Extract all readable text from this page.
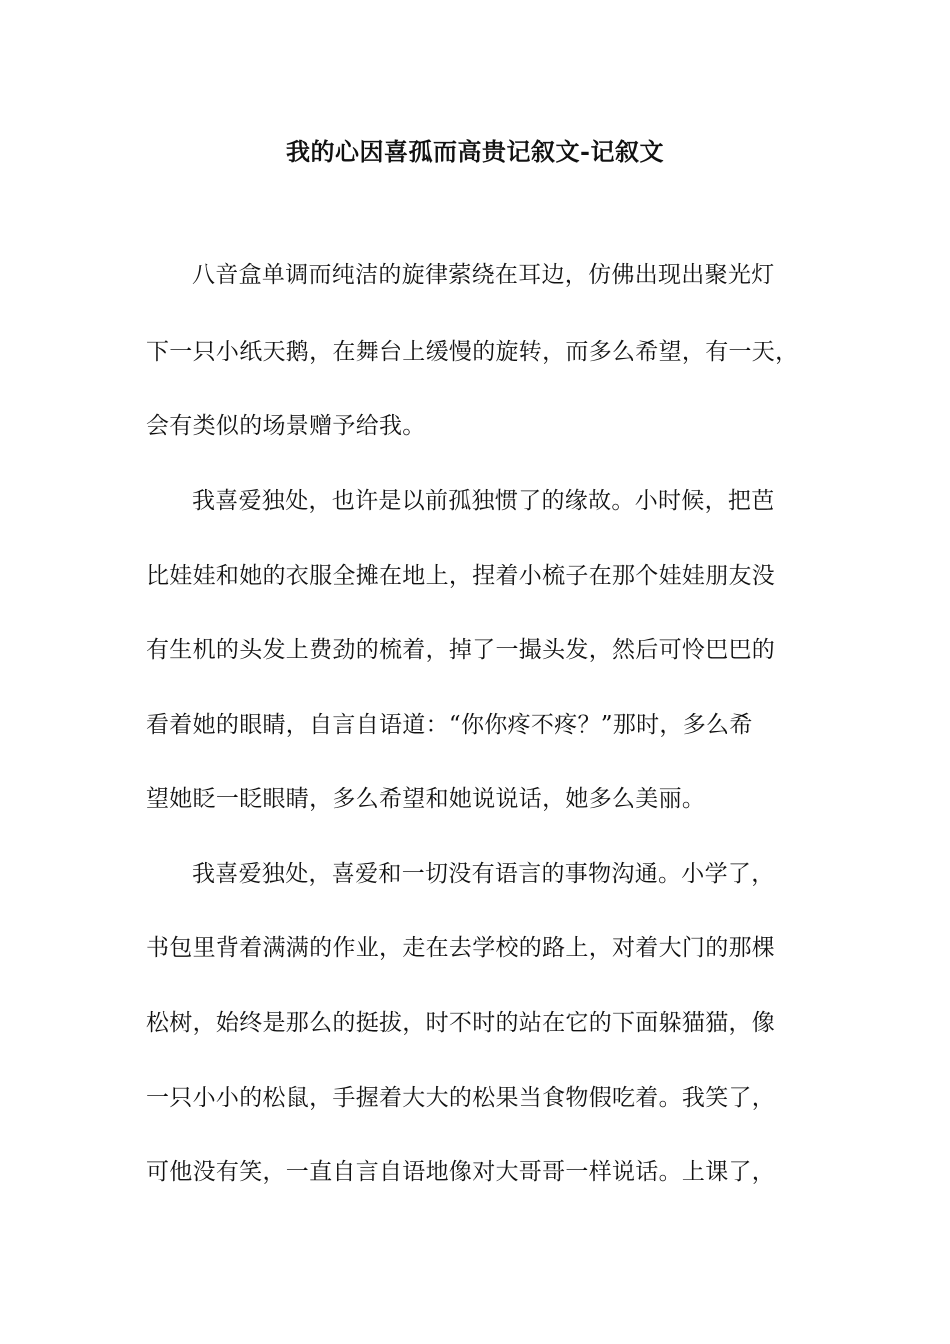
我的心因喜孤而高贵记叙文-记叙文
八音盒单调而纯洁的旋律萦绕在耳边，仿佛出现出聚光灯
下一只小纸天鹅，在舞台上缓慢的旋转，而多么希望，有一天，
会有类似的场景赠予给我。
我喜爱独处，也许是以前孤独惯了的缘故。小时候，把芭
比娃娃和她的衣服全摊在地上，捏着小梳子在那个娃娃朋友没
有生机的头发上费劲的梳着，掉了一撮头发，然后可怜巴巴的
看着她的眼睛，自言自语道：“你你疼不疼？”那时，多么希
望她眨一眨眼睛，多么希望和她说说话，她多么美丽。
我喜爱独处，喜爱和一切没有语言的事物沟通。小学了，
书包里背着满满的作业，走在去学校的路上，对着大门的那棵
松树，始终是那么的挺拔，时不时的站在它的下面躲猫猫，像
一只小小的松鼠，手握着大大的松果当食物假吃着。我笑了，
可他没有笑，一直自言自语地像对大哥哥一样说话。上课了，
